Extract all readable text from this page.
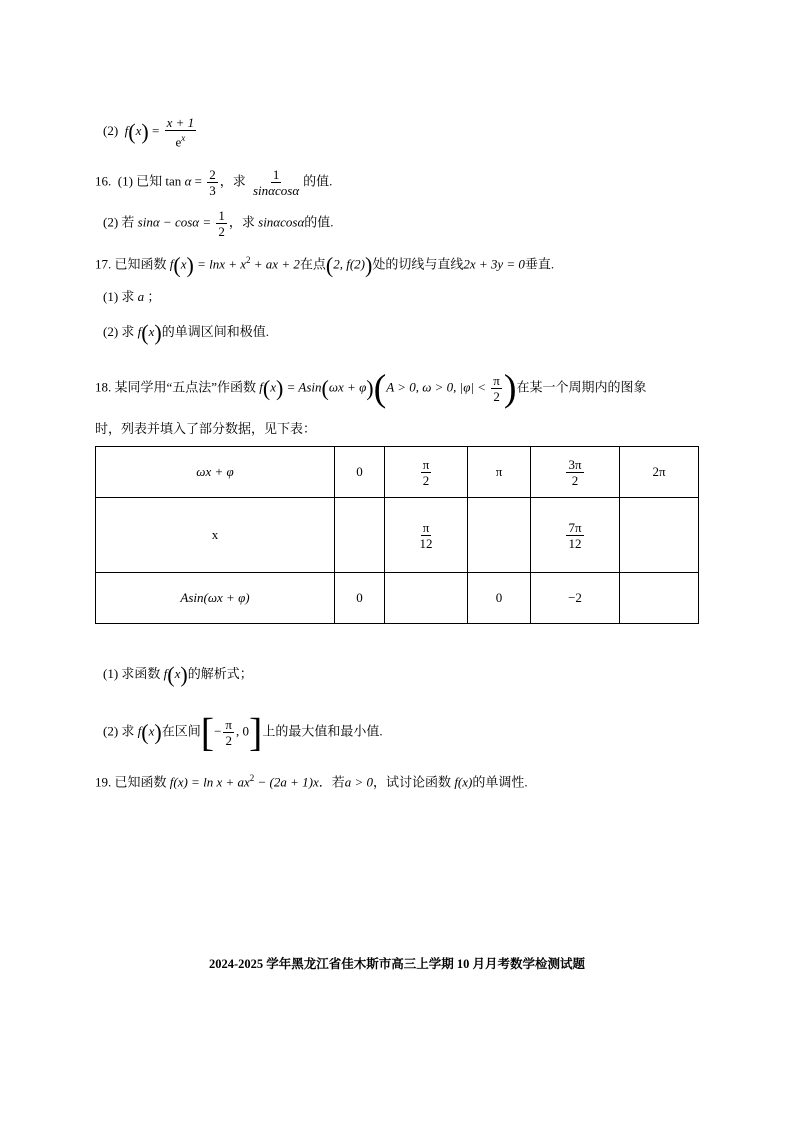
(2) $f(x) = \frac{x + 1}{e^x}$
16. (1) 已知 $\tan \alpha = \frac{2}{3}$ ，求 $\frac{1}{\sin\alpha\cos\alpha}$ 的值.
(2) 若 $\sin\alpha - \cos\alpha = \frac{1}{2}$ ，求 sinαcosα的值.
17. 已知函数 $f(x) = \ln x + x^2$ + ax + 2在点(2, f(2))处的切线与直线2x + 3y = 0垂直.
(1) 求 a ；
(2) 求 f(x)的单调区间和极值.
18. 某同学用“五点法”作函数 f(x) = Asin(ωx + φ)(A > 0, ω > 0, $|\varphi| < \frac{\pi}{2}$ )在某一个周期内的图象
时，列表并填入了部分数据，见下表：
ωx + φ	0	$\frac{\pi}{2}$	π	$\frac{3\pi}{2}$	2π
x		$\frac{\pi}{12}$		$\frac{7\pi}{12}$

Asin(ωx + φ)	0		0	−2	
(1) 求函数 f(x)的解析式；
(2) 求 f(x)在区间[− $\frac{\pi}{2}$ , 0]上的最大值和最小值.
19. 已知函数 $f(x) = \ln x + ax^2 - (2a + 1)x$．若a > 0，试讨论函数 f(x)的单调性.
2024-2025 学年黑龙江省佳木斯市高三上学期 10 月月考数学检测试题
